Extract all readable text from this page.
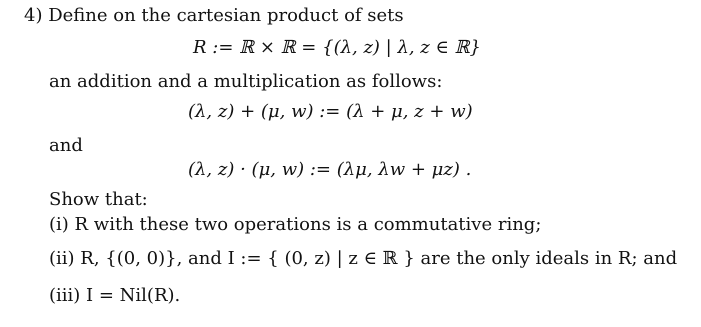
4) Define on the cartesian product of sets
R := ℝ × ℝ = {(λ, z) | λ, z ∈ ℝ}
an addition and a multiplication as follows:
(λ, z) + (μ, w) := (λ + μ, z + w)
and
(λ, z) · (μ, w) := (λμ, λw + μz) .
Show that:
(i) R with these two operations is a commutative ring;
(ii) R, {(0, 0)}, and I := { (0, z) | z ∈ ℝ } are the only ideals in R; and
(iii) I = Nil(R).
